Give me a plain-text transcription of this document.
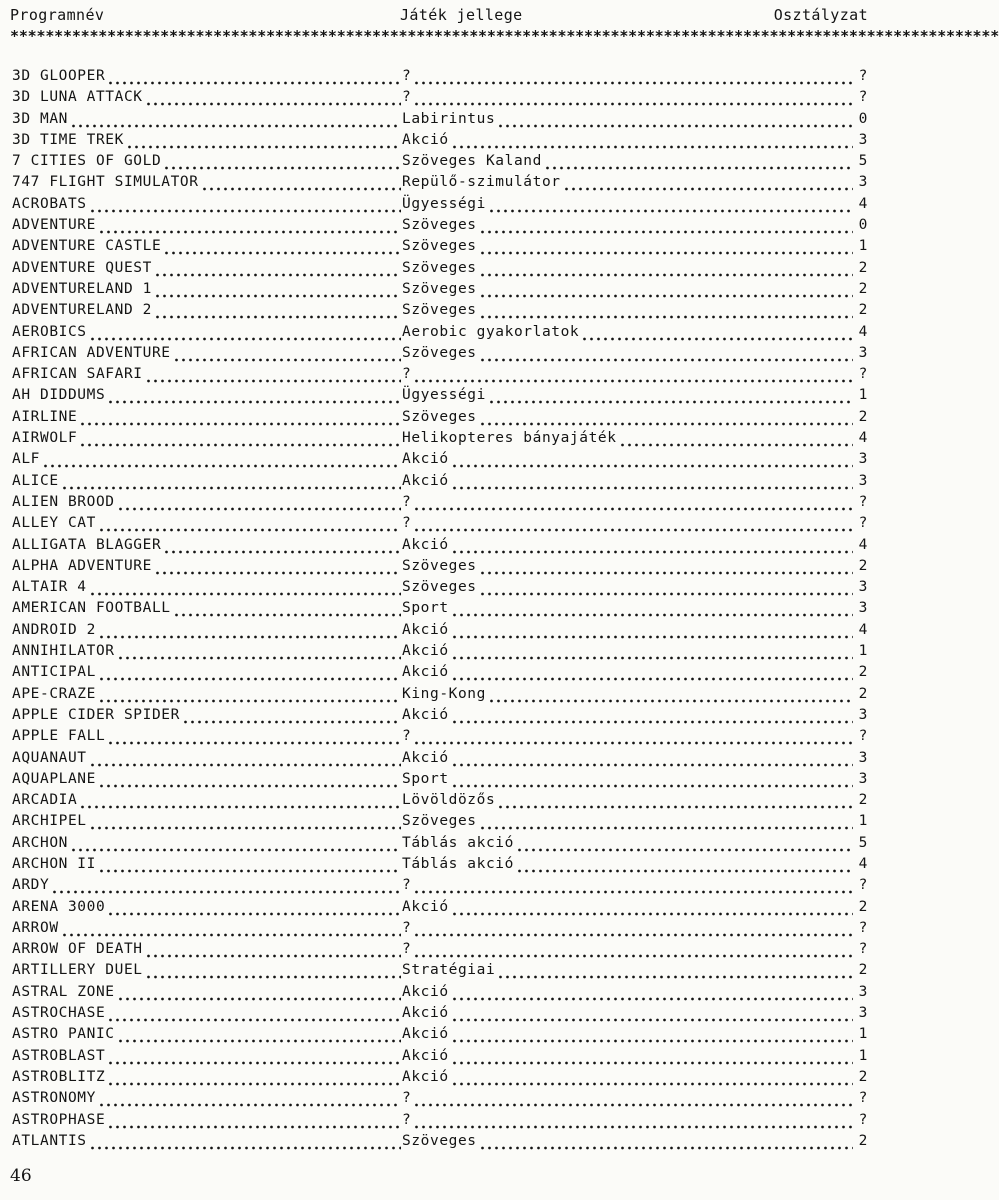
Programnév	Játék jellege	Osztályzat
****************************************************************************************************************
3D GLOOPER	?	?
3D LUNA ATTACK	?	?
3D MAN	Labirintus	0
3D TIME TREK	Akció	3
7 CITIES OF GOLD	Szöveges Kaland	5
747 FLIGHT SIMULATOR	Repülő-szimulátor	3
ACROBATS	Ügyességi	4
ADVENTURE	Szöveges	0
ADVENTURE CASTLE	Szöveges	1
ADVENTURE QUEST	Szöveges	2
ADVENTURELAND 1	Szöveges	2
ADVENTURELAND 2	Szöveges	2
AEROBICS	Aerobic gyakorlatok	4
AFRICAN ADVENTURE	Szöveges	3
AFRICAN SAFARI	?	?
AH DIDDUMS	Ügyességi	1
AIRLINE	Szöveges	2
AIRWOLF	Helikopteres bányajáték	4
ALF	Akció	3
ALICE	Akció	3
ALIEN BROOD	?	?
ALLEY CAT	?	?
ALLIGATA BLAGGER	Akció	4
ALPHA ADVENTURE	Szöveges	2
ALTAIR 4	Szöveges	3
AMERICAN FOOTBALL	Sport	3
ANDROID 2	Akció	4
ANNIHILATOR	Akció	1
ANTICIPAL	Akció	2
APE-CRAZE	King-Kong	2
APPLE CIDER SPIDER	Akció	3
APPLE FALL	?	?
AQUANAUT	Akció	3
AQUAPLANE	Sport	3
ARCADIA	Lövöldözős	2
ARCHIPEL	Szöveges	1
ARCHON	Táblás akció	5
ARCHON II	Táblás akció	4
ARDY	?	?
ARENA 3000	Akció	2
ARROW	?	?
ARROW OF DEATH	?	?
ARTILLERY DUEL	Stratégiai	2
ASTRAL ZONE	Akció	3
ASTROCHASE	Akció	3
ASTRO PANIC	Akció	1
ASTROBLAST	Akció	1
ASTROBLITZ	Akció	2
ASTRONOMY	?	?
ASTROPHASE	?	?
ATLANTIS	Szöveges	2
46
